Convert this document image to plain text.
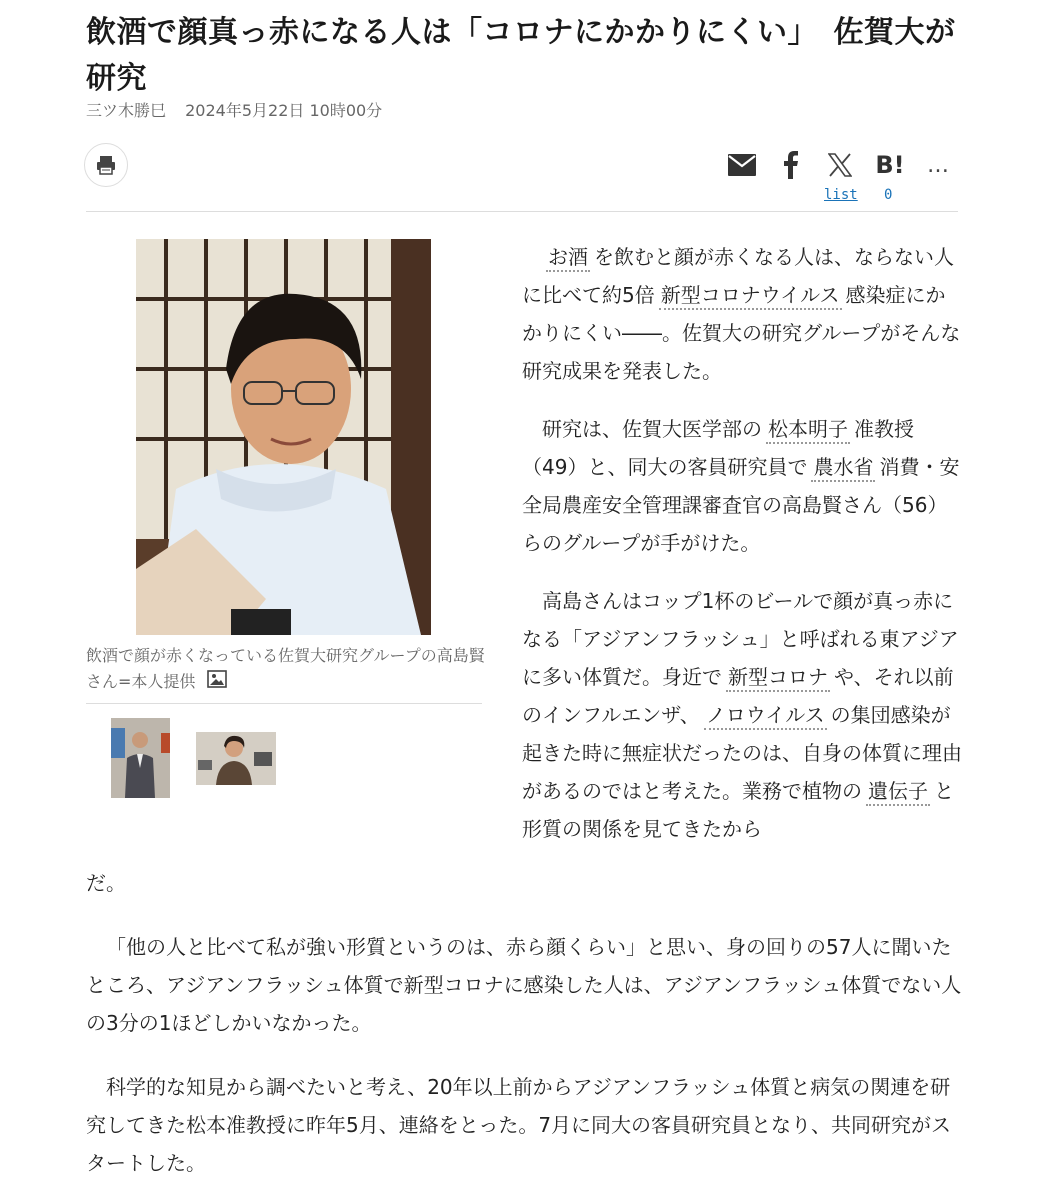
飲酒で顔真っ赤になる人は「コロナにかかりにくい」　佐賀大が研究
三ツ木勝巳 2024年5月22日 10時00分
B! …
list 0
飲酒で顔が赤くなっている佐賀大研究グループの高島賢さん=本人提供

お酒 を飲むと顔が赤くなる人は、ならない人に比べて約5倍 新型コロナウイルス 感染症にかかりにくい――。佐賀大の研究グループがそんな研究成果を発表した。

研究は、佐賀大医学部の 松本明子 准教授（49）と、同大の客員研究員で 農水省 消費・安全局農産安全管理課審査官の高島賢さん（56）らのグループが手がけた。

高島さんはコップ1杯のビールで顔が真っ赤になる「アジアンフラッシュ」と呼ばれる東アジアに多い体質だ。身近で 新型コロナ や、それ以前のインフルエンザ、 ノロウイルス の集団感染が起きた時に無症状だったのは、自身の体質に理由があるのではと考えた。業務で植物の 遺伝子 と形質の関係を見てきたから

だ。

「他の人と比べて私が強い形質というのは、赤ら顔くらい」と思い、身の回りの57人に聞いたところ、アジアンフラッシュ体質で新型コロナに感染した人は、アジアンフラッシュ体質でない人の3分の1ほどしかいなかった。

科学的な知見から調べたいと考え、20年以上前からアジアンフラッシュ体質と病気の関連を研究してきた松本准教授に昨年5月、連絡をとった。7月に同大の客員研究員となり、共同研究がスタートした。
